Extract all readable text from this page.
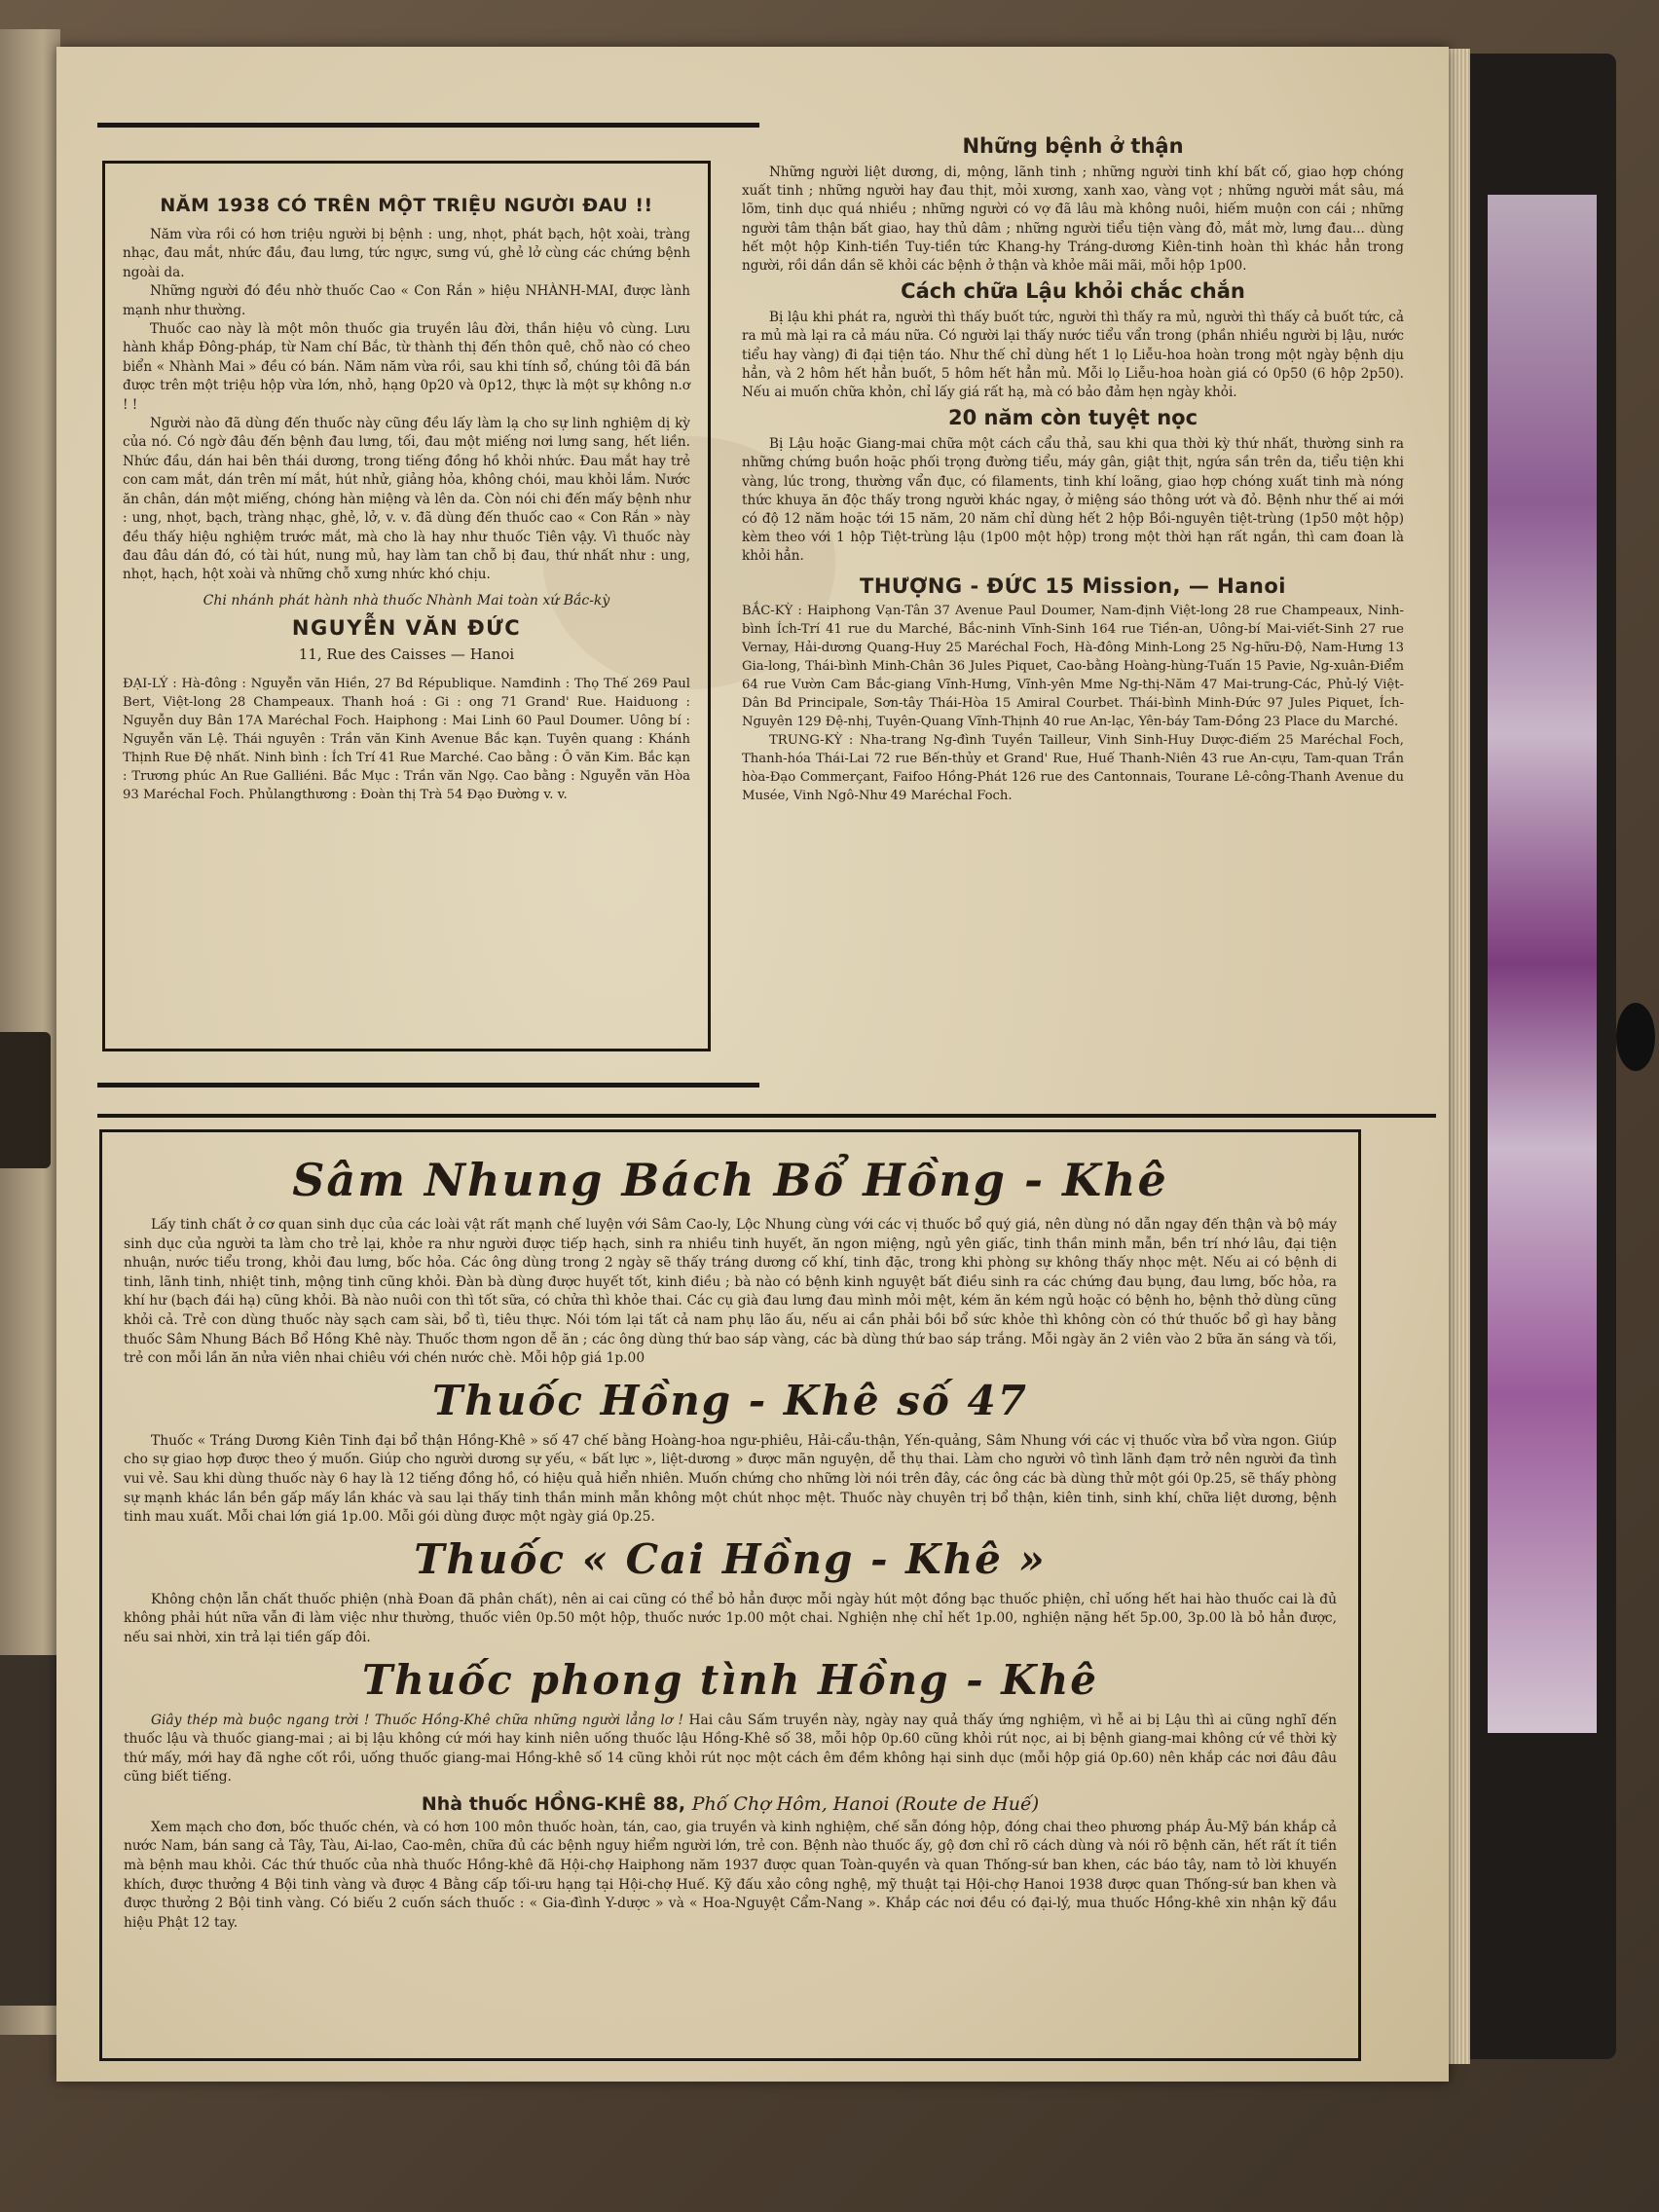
NĂM 1938 CÓ TRÊN MỘT TRIỆU NGƯỜI ĐAU !!

Năm vừa rồi có hơn triệu người bị bệnh : ung, nhọt, phát bạch, hột xoài, tràng nhạc, đau mắt, nhức đầu, đau lưng, tức ngực, sưng vú, ghẻ lở cùng các chứng bệnh ngoài da.

Những người đó đều nhờ thuốc Cao « Con Rắn » hiệu NHÀNH-MAI, được lành mạnh như thường.

Thuốc cao này là một môn thuốc gia truyền lâu đời, thần hiệu vô cùng. Lưu hành khắp Đông-pháp, từ Nam chí Bắc, từ thành thị đến thôn quê, chỗ nào có cheo biển « Nhành Mai » đều có bán. Năm năm vừa rồi, sau khi tính sổ, chúng tôi đã bán được trên một triệu hộp vừa lớn, nhỏ, hạng 0p20 và 0p12, thực là một sự không n.ơ ! !

Người nào đã dùng đến thuốc này cũng đều lấy làm lạ cho sự linh nghiệm dị kỳ của nó. Có ngờ đâu đến bệnh đau lưng, tối, đau một miếng nơi lưng sang, hết liền. Nhức đầu, dán hai bên thái dương, trong tiếng đồng hồ khỏi nhức. Đau mắt hay trẻ con cam mắt, dán trên mí mắt, hút nhử, giảng hỏa, không chói, mau khỏi lắm. Nước ăn chân, dán một miếng, chóng hàn miệng và lên da. Còn nói chi đến mấy bệnh như : ung, nhọt, bạch, tràng nhạc, ghẻ, lở, v. v. đã dùng đến thuốc cao « Con Rắn » này đều thấy hiệu nghiệm trước mắt, mà cho là hay như thuốc Tiên vậy. Vì thuốc này đau đâu dán đó, có tài hút, nung mủ, hay làm tan chỗ bị đau, thứ nhất như : ung, nhọt, hạch, hột xoài và những chỗ xưng nhức khó chịu.

Chi nhánh phát hành nhà thuốc Nhành Mai toàn xứ Bắc-kỳ
NGUYỄN VĂN ĐỨC
11, Rue des Caisses — Hanoi

ĐẠI-LÝ : Hà-đông : Nguyễn văn Hiền, 27 Bd République. Namđinh : Thọ Thế 269 Paul Bert, Việt-long 28 Champeaux. Thanh hoá : Gi : ong 71 Grand' Rue. Haiduong : Nguyễn duy Bân 17A Maréchal Foch. Haiphong : Mai Linh 60 Paul Doumer. Uông bí : Nguyễn văn Lệ. Thái nguyên : Trần văn Kinh Avenue Bắc kạn. Tuyên quang : Khánh Thịnh Rue Đệ nhất. Ninh bình : Ích Trí 41 Rue Marché. Cao bằng : Ô văn Kim. Bắc kạn : Trương phúc An Rue Galliéni. Bắc Mục : Trần văn Ngọ. Cao bằng : Nguyễn văn Hòa 93 Maréchal Foch. Phủlangthương : Đoàn thị Trà 54 Đạo Đường v. v.

Những bệnh ở thận

Những người liệt dương, di, mộng, lãnh tinh ; những người tinh khí bất cố, giao hợp chóng xuất tinh ; những người hay đau thịt, mỏi xương, xanh xao, vàng vọt ; những người mắt sâu, má lõm, tinh dục quá nhiều ; những người có vợ đã lâu mà không nuôi, hiếm muộn con cái ; những người tâm thận bất giao, hay thủ dâm ; những người tiểu tiện vàng đỏ, mắt mờ, lưng đau... dùng hết một hộp Kinh-tiền Tuy-tiền tức Khang-hy Tráng-dương Kiên-tinh hoàn thì khác hẳn trong người, rồi dần dần sẽ khỏi các bệnh ở thận và khỏe mãi mãi, mỗi hộp 1p00.

Cách chữa Lậu khỏi chắc chắn

Bị lậu khi phát ra, người thì thấy buốt tức, người thì thấy ra mủ, người thì thấy cả buốt tức, cả ra mủ mà lại ra cả máu nữa. Có người lại thấy nước tiểu vẩn trong (phần nhiều người bị lậu, nước tiểu hay vàng) đi đại tiện táo. Như thế chỉ dùng hết 1 lọ Liễu-hoa hoàn trong một ngày bệnh dịu hẳn, và 2 hôm hết hẳn buốt, 5 hôm hết hẳn mủ. Mỗi lọ Liễu-hoa hoàn giá có 0p50 (6 hộp 2p50). Nếu ai muốn chữa khỏn, chỉ lấy giá rất hạ, mà có bảo đảm hẹn ngày khỏi.

20 năm còn tuyệt nọc

Bị Lậu hoặc Giang-mai chữa một cách cẩu thả, sau khi qua thời kỳ thứ nhất, thường sinh ra những chứng buồn hoặc phối trọng đường tiểu, máy gân, giật thịt, ngứa sần trên da, tiểu tiện khi vàng, lúc trong, thường vẩn đục, có filaments, tinh khí loãng, giao hợp chóng xuất tinh mà nóng thức khuya ăn độc thấy trong người khác ngay, ở miệng sáo thông ướt và đỏ. Bệnh như thế ai mới có độ 12 năm hoặc tới 15 năm, 20 năm chỉ dùng hết 2 hộp Bồi-nguyên tiệt-trùng (1p50 một hộp) kèm theo với 1 hộp Tiệt-trùng lậu (1p00 một hộp) trong một thời hạn rất ngắn, thì cam đoan là khỏi hẳn.

THƯỢNG - ĐỨC 15 Mission, — Hanoi

BẮC-KỲ : Haiphong Vạn-Tân 37 Avenue Paul Doumer, Nam-định Việt-long 28 rue Champeaux, Ninh-bình Ích-Trí 41 rue du Marché, Bắc-ninh Vĩnh-Sinh 164 rue Tiền-an, Uông-bí Mai-viết-Sinh 27 rue Vernay, Hải-dương Quang-Huy 25 Maréchal Foch, Hà-đông Minh-Long 25 Ng-hữu-Độ, Nam-Hưng 13 Gia-long, Thái-bình Minh-Chân 36 Jules Piquet, Cao-bằng Hoàng-hùng-Tuấn 15 Pavie, Ng-xuân-Điểm 64 rue Vườn Cam Bắc-giang Vĩnh-Hưng, Vĩnh-yên Mme Ng-thị-Năm 47 Mai-trung-Các, Phủ-lý Việt-Dân Bd Principale, Sơn-tây Thái-Hòa 15 Amiral Courbet. Thái-bình Minh-Đức 97 Jules Piquet, Ích-Nguyên 129 Đệ-nhị, Tuyên-Quang Vĩnh-Thịnh 40 rue An-lạc, Yên-báy Tam-Đồng 23 Place du Marché.

TRUNG-KỲ : Nha-trang Ng-đình Tuyền Tailleur, Vinh Sinh-Huy Dược-điếm 25 Maréchal Foch, Thanh-hóa Thái-Lai 72 rue Bến-thủy et Grand' Rue, Huế Thanh-Niên 43 rue An-cựu, Tam-quan Trần hòa-Đạo Commerçant, Faifoo Hồng-Phát 126 rue des Cantonnais, Tourane Lê-công-Thanh Avenue du Musée, Vinh Ngô-Như 49 Maréchal Foch.

Sâm Nhung Bách Bổ Hồng - Khê

Lấy tinh chất ở cơ quan sinh dục của các loài vật rất mạnh chế luyện với Sâm Cao-ly, Lộc Nhung cùng với các vị thuốc bổ quý giá, nên dùng nó dẫn ngay đến thận và bộ máy sinh dục của người ta làm cho trẻ lại, khỏe ra như người được tiếp hạch, sinh ra nhiều tinh huyết, ăn ngon miệng, ngủ yên giấc, tinh thần minh mẫn, bền trí nhớ lâu, đại tiện nhuận, nước tiểu trong, khỏi đau lưng, bốc hỏa. Các ông dùng trong 2 ngày sẽ thấy tráng dương cố khí, tinh đặc, trong khi phòng sự không thấy nhọc mệt. Nếu ai có bệnh di tinh, lãnh tinh, nhiệt tinh, mộng tinh cũng khỏi. Đàn bà dùng được huyết tốt, kinh điều ; bà nào có bệnh kinh nguyệt bất điều sinh ra các chứng đau bụng, đau lưng, bốc hỏa, ra khí hư (bạch đái hạ) cũng khỏi. Bà nào nuôi con thì tốt sữa, có chửa thì khỏe thai. Các cụ già đau lưng đau mình mỏi mệt, kém ăn kém ngủ hoặc có bệnh ho, bệnh thở dùng cũng khỏi cả. Trẻ con dùng thuốc này sạch cam sài, bổ tì, tiêu thực. Nói tóm lại tất cả nam phụ lão ấu, nếu ai cần phải bồi bổ sức khỏe thì không còn có thứ thuốc bổ gì hay bằng thuốc Sâm Nhung Bách Bổ Hồng Khê này. Thuốc thơm ngon dễ ăn ; các ông dùng thứ bao sáp vàng, các bà dùng thứ bao sáp trắng. Mỗi ngày ăn 2 viên vào 2 bữa ăn sáng và tối, trẻ con mỗi lần ăn nửa viên nhai chiêu với chén nước chè. Mỗi hộp giá 1p.00

Thuốc Hồng - Khê số 47

Thuốc « Tráng Dương Kiên Tinh đại bổ thận Hồng-Khê » số 47 chế bằng Hoàng-hoa ngư-phiêu, Hải-cẩu-thận, Yến-quảng, Sâm Nhung với các vị thuốc vừa bổ vừa ngon. Giúp cho sự giao hợp được theo ý muốn. Giúp cho người dương sự yếu, « bất lực », liệt-dương » được mãn nguyện, dễ thụ thai. Làm cho người vô tình lãnh đạm trở nên người đa tình vui vẻ. Sau khi dùng thuốc này 6 hay là 12 tiếng đồng hồ, có hiệu quả hiển nhiên. Muốn chứng cho những lời nói trên đây, các ông các bà dùng thử một gói 0p.25, sẽ thấy phòng sự mạnh khác lần bền gấp mấy lần khác và sau lại thấy tinh thần minh mẫn không một chút nhọc mệt. Thuốc này chuyên trị bổ thận, kiên tinh, sinh khí, chữa liệt dương, bệnh tinh mau xuất. Mỗi chai lớn giá 1p.00. Mỗi gói dùng được một ngày giá 0p.25.

Thuốc « Cai Hồng - Khê »

Không chộn lẫn chất thuốc phiện (nhà Đoan đã phân chất), nên ai cai cũng có thể bỏ hẳn được mỗi ngày hút một đồng bạc thuốc phiện, chỉ uống hết hai hào thuốc cai là đủ không phải hút nữa vẫn đi làm việc như thường, thuốc viên 0p.50 một hộp, thuốc nước 1p.00 một chai. Nghiện nhẹ chỉ hết 1p.00, nghiện nặng hết 5p.00, 3p.00 là bỏ hẳn được, nếu sai nhời, xin trả lại tiền gấp đôi.

Thuốc phong tình Hồng - Khê

Giây thép mà buộc ngang trời ! Thuốc Hồng-Khê chữa những người lẳng lơ ! Hai câu Sấm truyền này, ngày nay quả thấy ứng nghiệm, vì hễ ai bị Lậu thì ai cũng nghĩ đến thuốc lậu và thuốc giang-mai ; ai bị lậu không cứ mới hay kinh niên uống thuốc lậu Hồng-Khê số 38, mỗi hộp 0p.60 cũng khỏi rút nọc, ai bị bệnh giang-mai không cứ về thời kỳ thứ mấy, mới hay đã nghe cốt rồi, uống thuốc giang-mai Hồng-khê số 14 cũng khỏi rút nọc một cách êm đềm không hại sinh dục (mỗi hộp giá 0p.60) nên khắp các nơi đâu đâu cũng biết tiếng.

Nhà thuốc HỒNG-KHÊ 88, Phố Chợ Hôm, Hanoi (Route de Huế)

Xem mạch cho đơn, bốc thuốc chén, và có hơn 100 môn thuốc hoàn, tán, cao, gia truyền và kinh nghiệm, chế sẵn đóng hộp, đóng chai theo phương pháp Âu-Mỹ bán khắp cả nước Nam, bán sang cả Tây, Tàu, Ai-lao, Cao-mên, chữa đủ các bệnh nguy hiểm người lớn, trẻ con. Bệnh nào thuốc ấy, gộ đơn chỉ rõ cách dùng và nói rõ bệnh căn, hết rất ít tiền mà bệnh mau khỏi. Các thứ thuốc của nhà thuốc Hồng-khê đã Hội-chợ Haiphong năm 1937 được quan Toàn-quyền và quan Thống-sứ ban khen, các báo tây, nam tỏ lời khuyến khích, được thưởng 4 Bội tinh vàng và được 4 Bằng cấp tối-ưu hạng tại Hội-chợ Huế. Kỹ đấu xảo công nghệ, mỹ thuật tại Hội-chợ Hanoi 1938 được quan Thống-sứ ban khen và được thưởng 2 Bội tinh vàng. Có biếu 2 cuốn sách thuốc : « Gia-đình Y-dược » và « Hoa-Nguyệt Cẩm-Nang ». Khắp các nơi đều có đại-lý, mua thuốc Hồng-khê xin nhận kỹ đầu hiệu Phật 12 tay.
